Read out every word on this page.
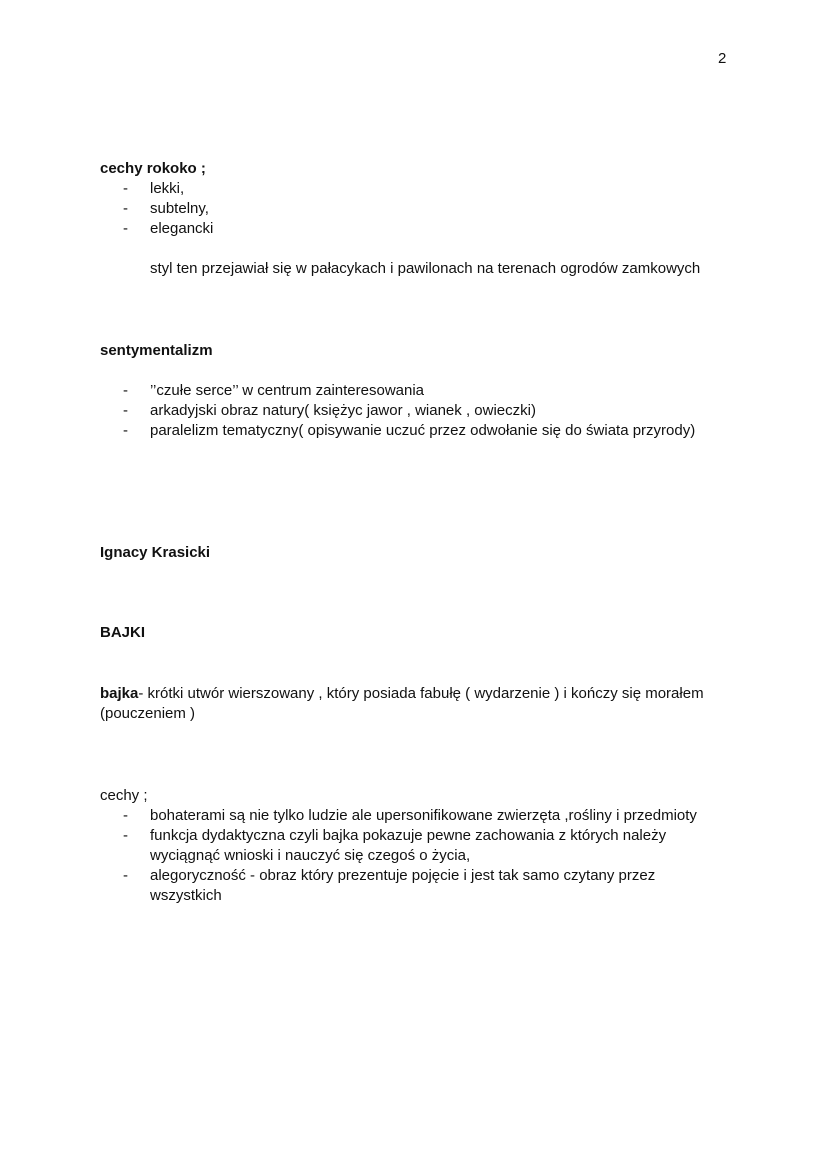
2
cechy rokoko ;
- lekki,
- subtelny,
- elegancki
styl ten przejawiał się w pałacykach i pawilonach na terenach ogrodów zamkowych
sentymentalizm
- ’’czułe serce’’ w centrum zainteresowania
- arkadyjski obraz natury( księżyc jawor , wianek , owieczki)
- paralelizm tematyczny( opisywanie uczuć przez odwołanie się do świata przyrody)
Ignacy Krasicki
BAJKI
bajka- krótki utwór wierszowany , który posiada fabułę ( wydarzenie ) i kończy się morałem (pouczeniem )
cechy ;
- bohaterami są nie tylko ludzie ale upersonifikowane zwierzęta ,rośliny i przedmioty
- funkcja dydaktyczna czyli bajka pokazuje pewne zachowania z których należy wyciągnąć wnioski i nauczyć się czegoś o życia,
- alegoryczność - obraz który prezentuje pojęcie i jest tak samo czytany przez wszystkich
